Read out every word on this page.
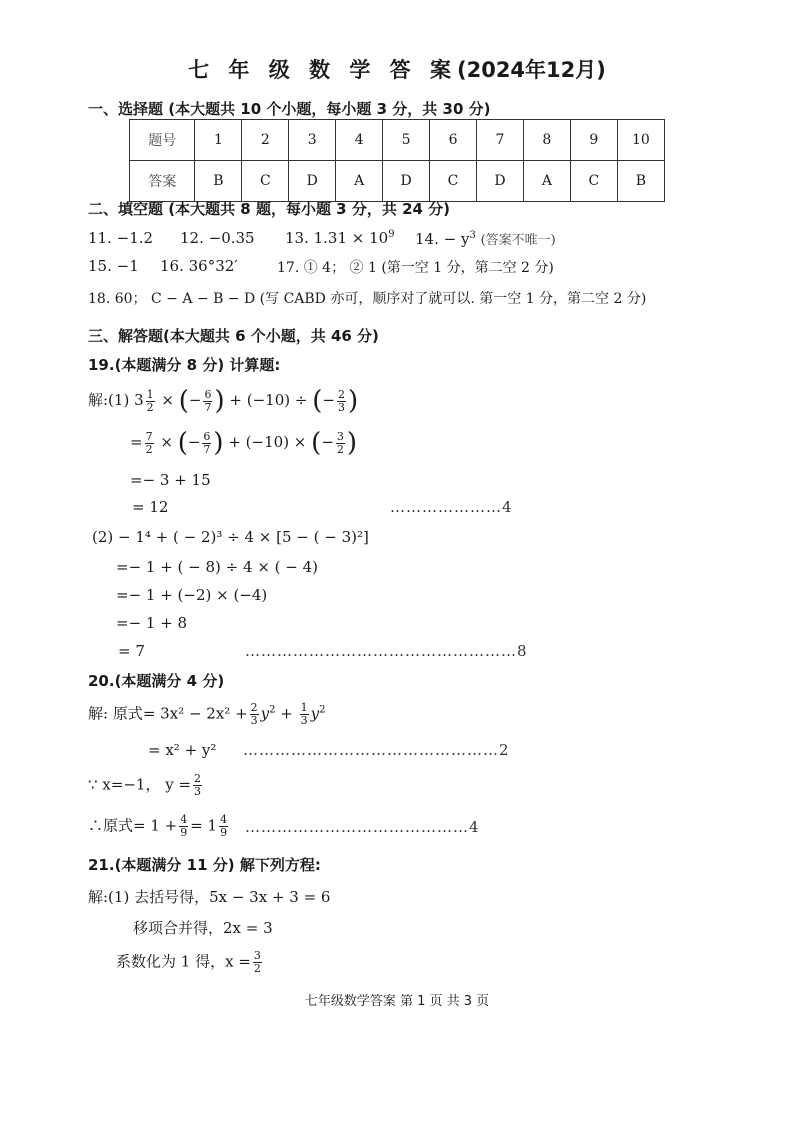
七 年 级 数 学 答 案(2024年12月)
一、选择题 (本大题共 10 个小题，每小题 3 分，共 30 分)
题号	1	2	3	4	5	6	7	8	9	10
答案	B	C	D	A	D	C	D	A	C	B
二、填空题 (本大题共 8 题，每小题 3 分，共 24 分)
11. −1.2 12. −0.35 13. $1.31 \times 10^9$ 14. − $y^3$ (答案不唯一)
15. −1 16. 36°32′	17. ① 4； ② 1 (第一空 1 分，第二空 2 分)
18. 60； C − A − B − D (写 CABD 亦可，顺序对了就可以. 第一空 1 分，第二空 2 分)
三、解答题(本大题共 6 个小题，共 46 分)
19.(本题满分 8 分) 计算题:
解:(1) $3 \frac{1}{2}$ × (− $\frac{6}{7}$ ) + (−10) ÷ (− $\frac{2}{3}$ )
= $\frac{7}{2}$ × (− $\frac{6}{7}$ ) + (−10) × (− $\frac{3}{2}$ )
=− 3 + 15
= 12	…………………4
(2) − 1⁴ + ( − 2)³ ÷ 4 × [5 − ( − 3)²]
=− 1 + ( − 8) ÷ 4 × ( − 4)
=− 1 + (−2) × (−4)
=− 1 + 8
= 7	……………………………………………8
20.(本题满分 4 分)
解: 原式= $3x^2 - 2x^2 + \frac{2}{3} y^2 + \frac{1}{3} y^2$
= x² + y² …………………………………………2
∵ x=−1， $y = \frac{2}{3}$
∴原式= $1 + \frac{4}{9} = 1 \frac{4}{9}$ ……………………………………4
21.(本题满分 11 分) 解下列方程:
解:(1) 去括号得，5x − 3x + 3 = 6
移项合并得，2x = 3
系数化为 1 得，$x = \frac{3}{2}$
七年级数学答案 第 1 页 共 3 页
